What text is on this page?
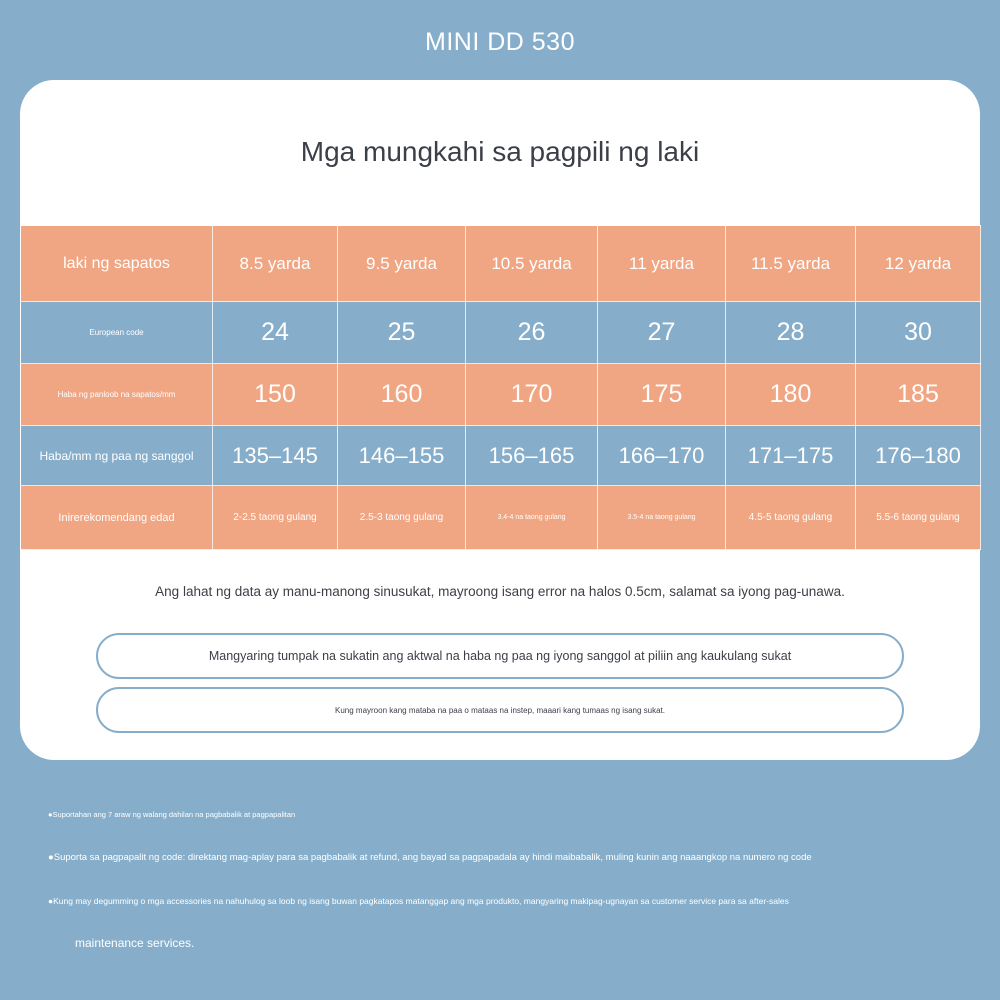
MINI DD 530
Mga mungkahi sa pagpili ng laki
laki ng sapatos	8.5 yarda	9.5 yarda	10.5 yarda	11 yarda	11.5 yarda	12 yarda
European code	24	25	26	27	28	30
Haba ng panloob na sapatos/mm	150	160	170	175	180	185
Haba/mm ng paa ng sanggol	135–145	146–155	156–165	166–170	171–175	176–180
Inirerekomendang edad	2-2.5 taong gulang	2.5-3 taong gulang	3.4-4 na taong gulang	3.5-4 na taong gulang	4.5-5 taong gulang	5.5-6 taong gulang
Ang lahat ng data ay manu-manong sinusukat, mayroong isang error na halos 0.5cm, salamat sa iyong pag-unawa.
Mangyaring tumpak na sukatin ang aktwal na haba ng paa ng iyong sanggol at piliin ang kaukulang sukat
Kung mayroon kang mataba na paa o mataas na instep, maaari kang tumaas ng isang sukat.
●Suportahan ang 7 araw ng walang dahilan na pagbabalik at pagpapalitan
●Suporta sa pagpapalit ng code: direktang mag-aplay para sa pagbabalik at refund, ang bayad sa pagpapadala ay hindi maibabalik, muling kunin ang naaangkop na numero ng code
●Kung may degumming o mga accessories na nahuhulog sa loob ng isang buwan pagkatapos matanggap ang mga produkto, mangyaring makipag-ugnayan sa customer service para sa after-sales
maintenance services.
